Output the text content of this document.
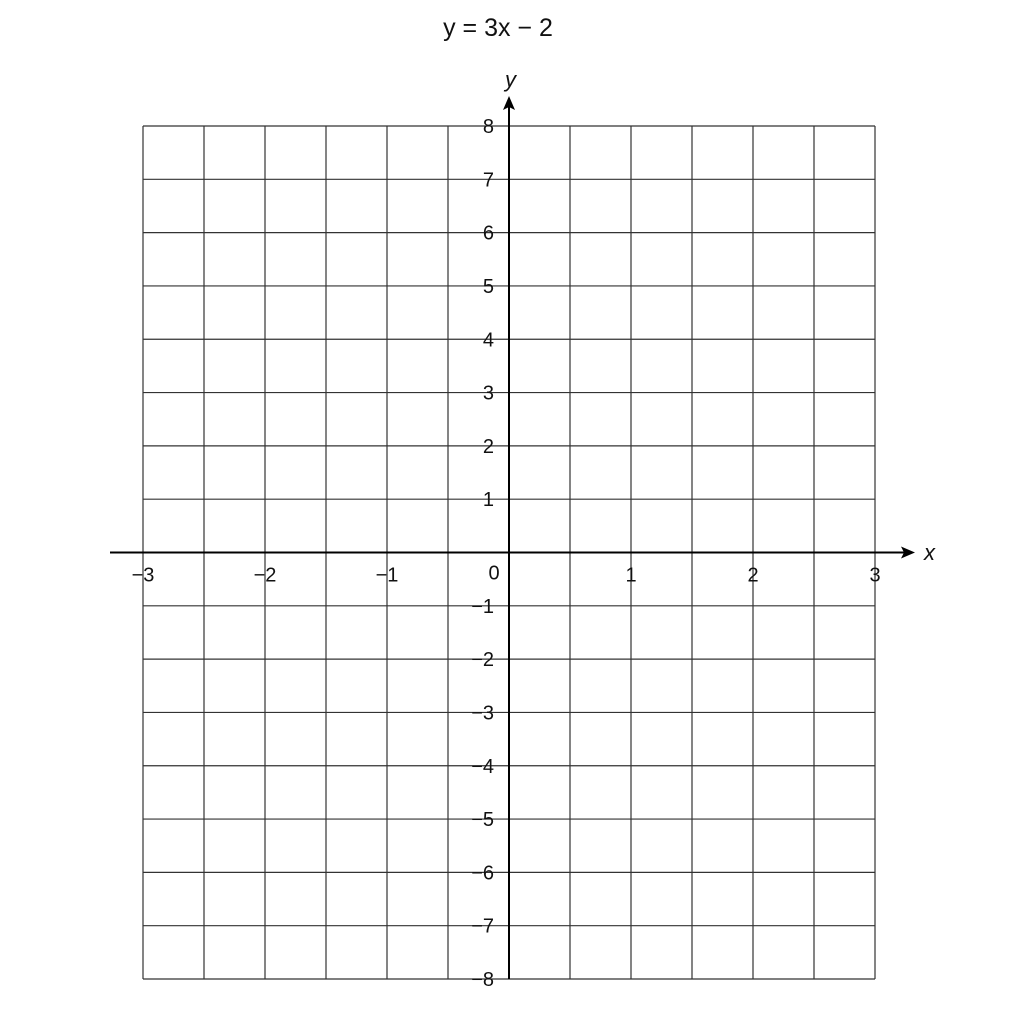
y = 3x − 2
−3	−2	−1	1	2	3
8
7
6
5
4
3
2
1
−1
−2
−3
−4
−5
−6
−7
−8
0
x
y
